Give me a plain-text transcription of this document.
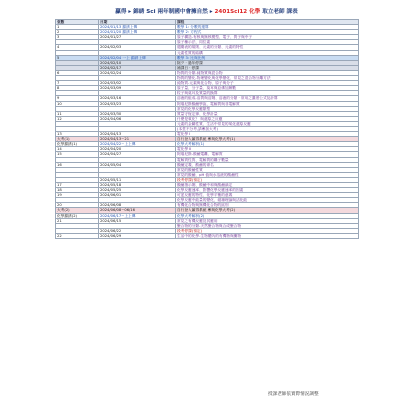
贏得 ▸ 錦綉 Sci 兩年制國中會擁自然 ▸ 2401Sci12 化學 取立老師 課表
堂數	日期	課程
1	2024/01/13 錦綉上傳	數學 1: 分數的運算
2	2024/01/20 錦綉上傳	數學 2: 方程式
3	2024/01/27	原子構造-有核與無核模型、電子、質子與中子
		原子種示法、同位素
4	2024/02/03	週期表的規則、元素的分類、元素的特性
		元素性質的結構
5	2024/02/04 一上 錦綉上傳	數學 3: 比與比例
	2024/02/10	除夕 · 過年停課
	2024/02/17	補課日 · 停課
6	2024/02/24	物質的分類-純物質與混合物
		物質的變化-物理變化與化學變化、常見之混合物分離方法
7	2024/03/02	純物質-元素與化合物、原子與分子
8	2024/03/09	原子量、分子量、莫耳與亞佛加厥數
		粒子與莫耳及質量的換算
9	2024/03/16	溶液的組成-溶質與溶劑、溶液的分類 · 常用之濃度公式及計算
10	2024/03/23	阿瑞尼斯酸鹼學說、電解質與非電解質
		常見的化學反應類型
11	2024/03/30	質量守恆定律、化學計量
12	2024/04/06	什麼是氧化？ 與還原之反應
		元素的金屬性質、生活中常見的氧化還原反應
		(本堂不分考,請參加大考)
13	2024/04/13	電化學 Ⅰ
大考(1)	2024/04/13~21	自行登入贏得系統 參與化學大考(1)
化學錦綉(1)	2024/04/22~上上傳	化學大考解析(1)
14	2024/04/20	電化學 Ⅱ
15	2024/04/27	阿瑞尼斯-酸鹼電離、電解質
		電解質性質、電解質的離子數量
16	2024/05/04	酸鹼定義、酸鹼的命名
		常見的酸鹼性質
		常見的酸鹼、pH 值與水溶液的酸鹼性
	2024/05/11	段考停課(預定)
17	2024/05/18	酸鹼指示劑、酸鹼中和與酸鹼滴定
18	2024/05/25	化學反應速率、影響化學反應速率的因素
19	2024/06/01	可逆反應的特性、化學平衡的意義
		化學反應中能量的變化、碰撞理論與活化能
20	2024/06/08	有機化合物與無機化合物的區別
大考(2)	2024/06/08~06/16	自行登入贏得系統 參與化學大考(2)
化學錦綉(2)	2024/06/17~上上傳	化學大考解析(2)
21	2024/06/15	常見之有機反應及其應用
		聚合物的分類-天然聚合物與合成聚合物
	2024/06/22	段考停課(預定)
22	2024/06/29	生活中的化學-生物體內的有機物與藥物
授課老師依實際情況調整
